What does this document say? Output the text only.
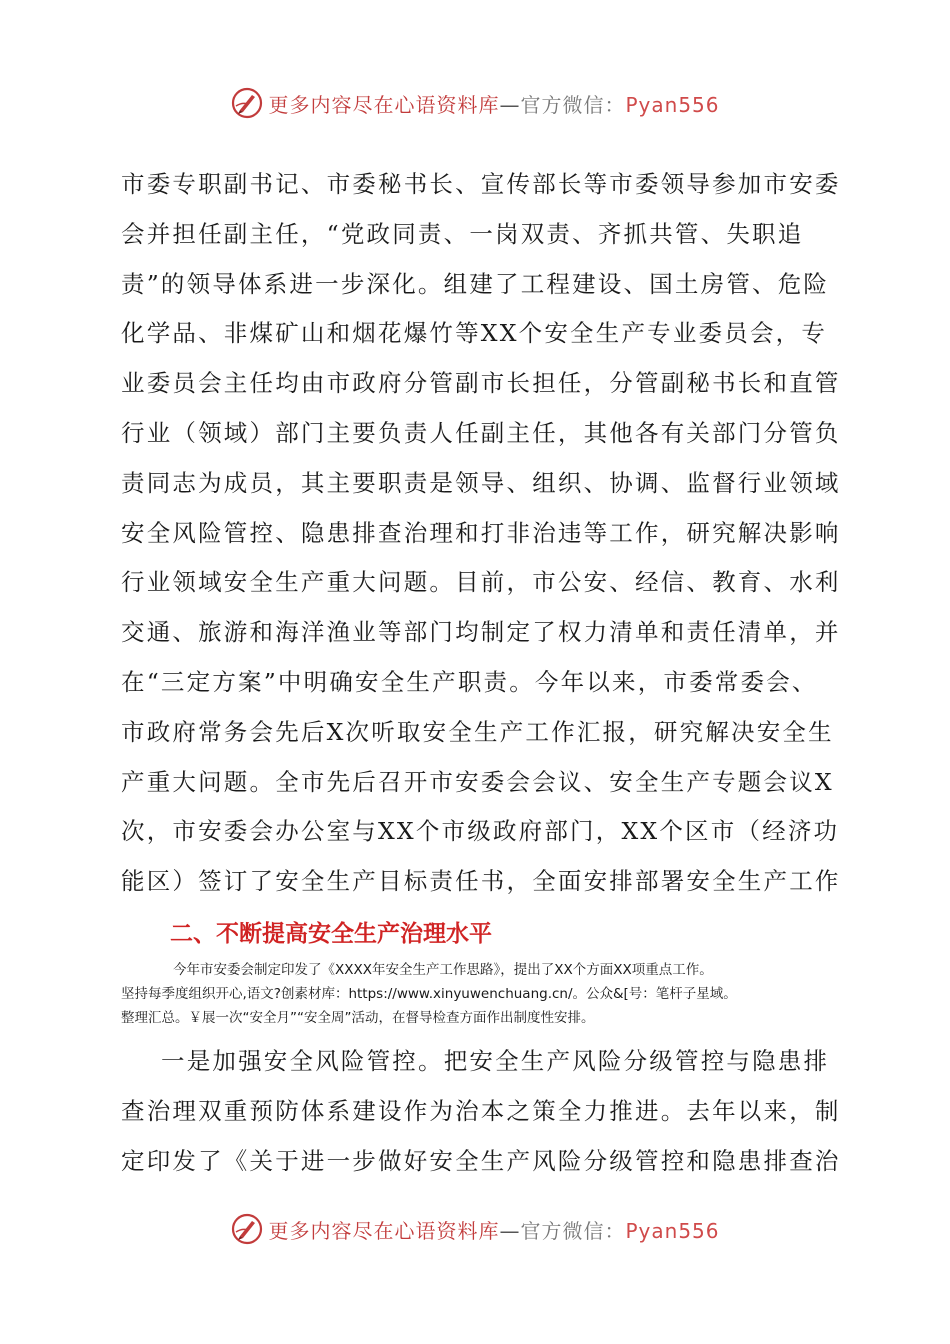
更多内容尽在心语资料库—官方微信：Pyan556
市委专职副书记、市委秘书长、宣传部长等市委领导参加市安委
会并担任副主任，“党政同责、一岗双责、齐抓共管、失职追
责”的领导体系进一步深化。组建了工程建设、国土房管、危险
化学品、非煤矿山和烟花爆竹等XX个安全生产专业委员会，专
业委员会主任均由市政府分管副市长担任，分管副秘书长和直管
行业（领域）部门主要负责人任副主任，其他各有关部门分管负
责同志为成员，其主要职责是领导、组织、协调、监督行业领域
安全风险管控、隐患排查治理和打非治违等工作，研究解决影响
行业领域安全生产重大问题。目前，市公安、经信、教育、水利
交通、旅游和海洋渔业等部门均制定了权力清单和责任清单，并
在“三定方案”中明确安全生产职责。今年以来，市委常委会、
市政府常务会先后X次听取安全生产工作汇报，研究解决安全生
产重大问题。全市先后召开市安委会会议、安全生产专题会议X
次，市安委会办公室与XX个市级政府部门，XX个区市（经济功
能区）签订了安全生产目标责任书，全面安排部署安全生产工作
二、不断提高安全生产治理水平
今年市安委会制定印发了《XXXX年安全生产工作思路》，提出了XX个方面XX项重点工作。
坚持每季度组织开心,语文?创素材库：https://www.xinyuwenchuang.cn/。公众&[号：笔杆子星域。
整理汇总。￥展一次“安全月”“安全周”活动，在督导检查方面作出制度性安排。
一是加强安全风险管控。把安全生产风险分级管控与隐患排
查治理双重预防体系建设作为治本之策全力推进。去年以来，制
定印发了《关于进一步做好安全生产风险分级管控和隐患排查治
更多内容尽在心语资料库—官方微信：Pyan556
